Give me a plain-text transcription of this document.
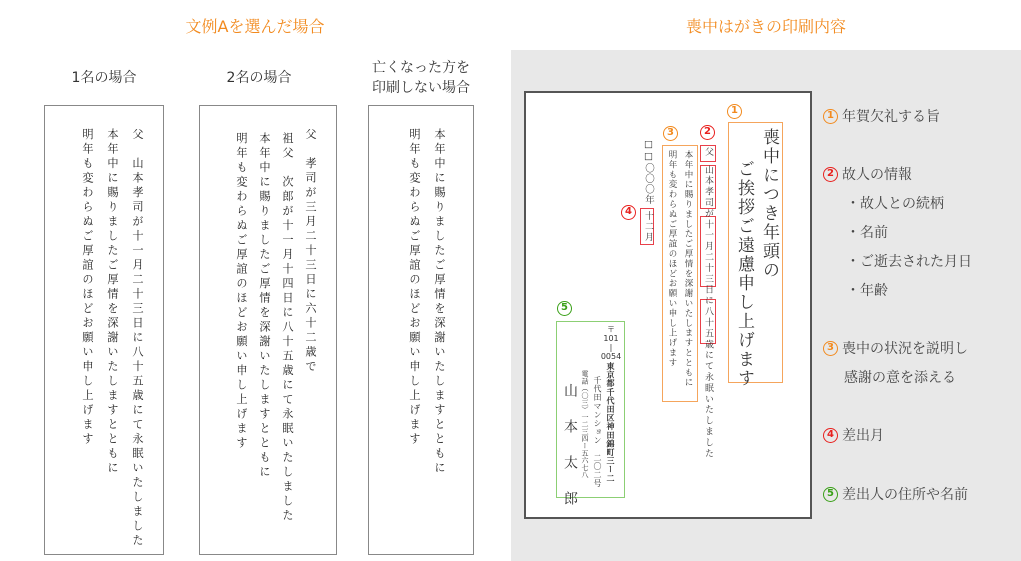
文例Aを選んだ場合
1名の場合
父　山本孝司が十一月二十三日に八十五歳にて永眠いたしました
本年中に賜りましたご厚情を深謝いたしますとともに
明年も変わらぬご厚誼のほどお願い申し上げます
2名の場合
父　孝司が三月二十三日に六十二歳で
祖父　次郎が十一月十四日に八十五歳にて永眠いたしました
本年中に賜りましたご厚情を深謝いたしますとともに
明年も変わらぬご厚誼のほどお願い申し上げます
亡くなった方を
印刷しない場合
本年中に賜りましたご厚情を深謝いたしますとともに
明年も変わらぬご厚誼のほどお願い申し上げます
喪中はがきの印刷内容
1
喪中につき年頭の
ご挨拶ご遠慮申し上げます
2
父山本孝司が十一月二十三日に八十五歳にて永眠いたしました
3
本年中に賜りましたご厚情を深謝いたしますとともに
明年も変わらぬご厚誼のほどお願い申し上げます
□□〇〇〇年
4	十二月
5
〒
101
|
0054
東京都千代田区神田錦町三ー二
千代田マンション　二〇二号
電話（〇三）一二三四ー五六七八
山　本　太　郎
1 年賀欠礼する旨
2 故人の情報
・故人との続柄
・名前
・ご逝去された月日
・年齢
3 喪中の状況を説明し
感謝の意を添える
4 差出月
5 差出人の住所や名前
